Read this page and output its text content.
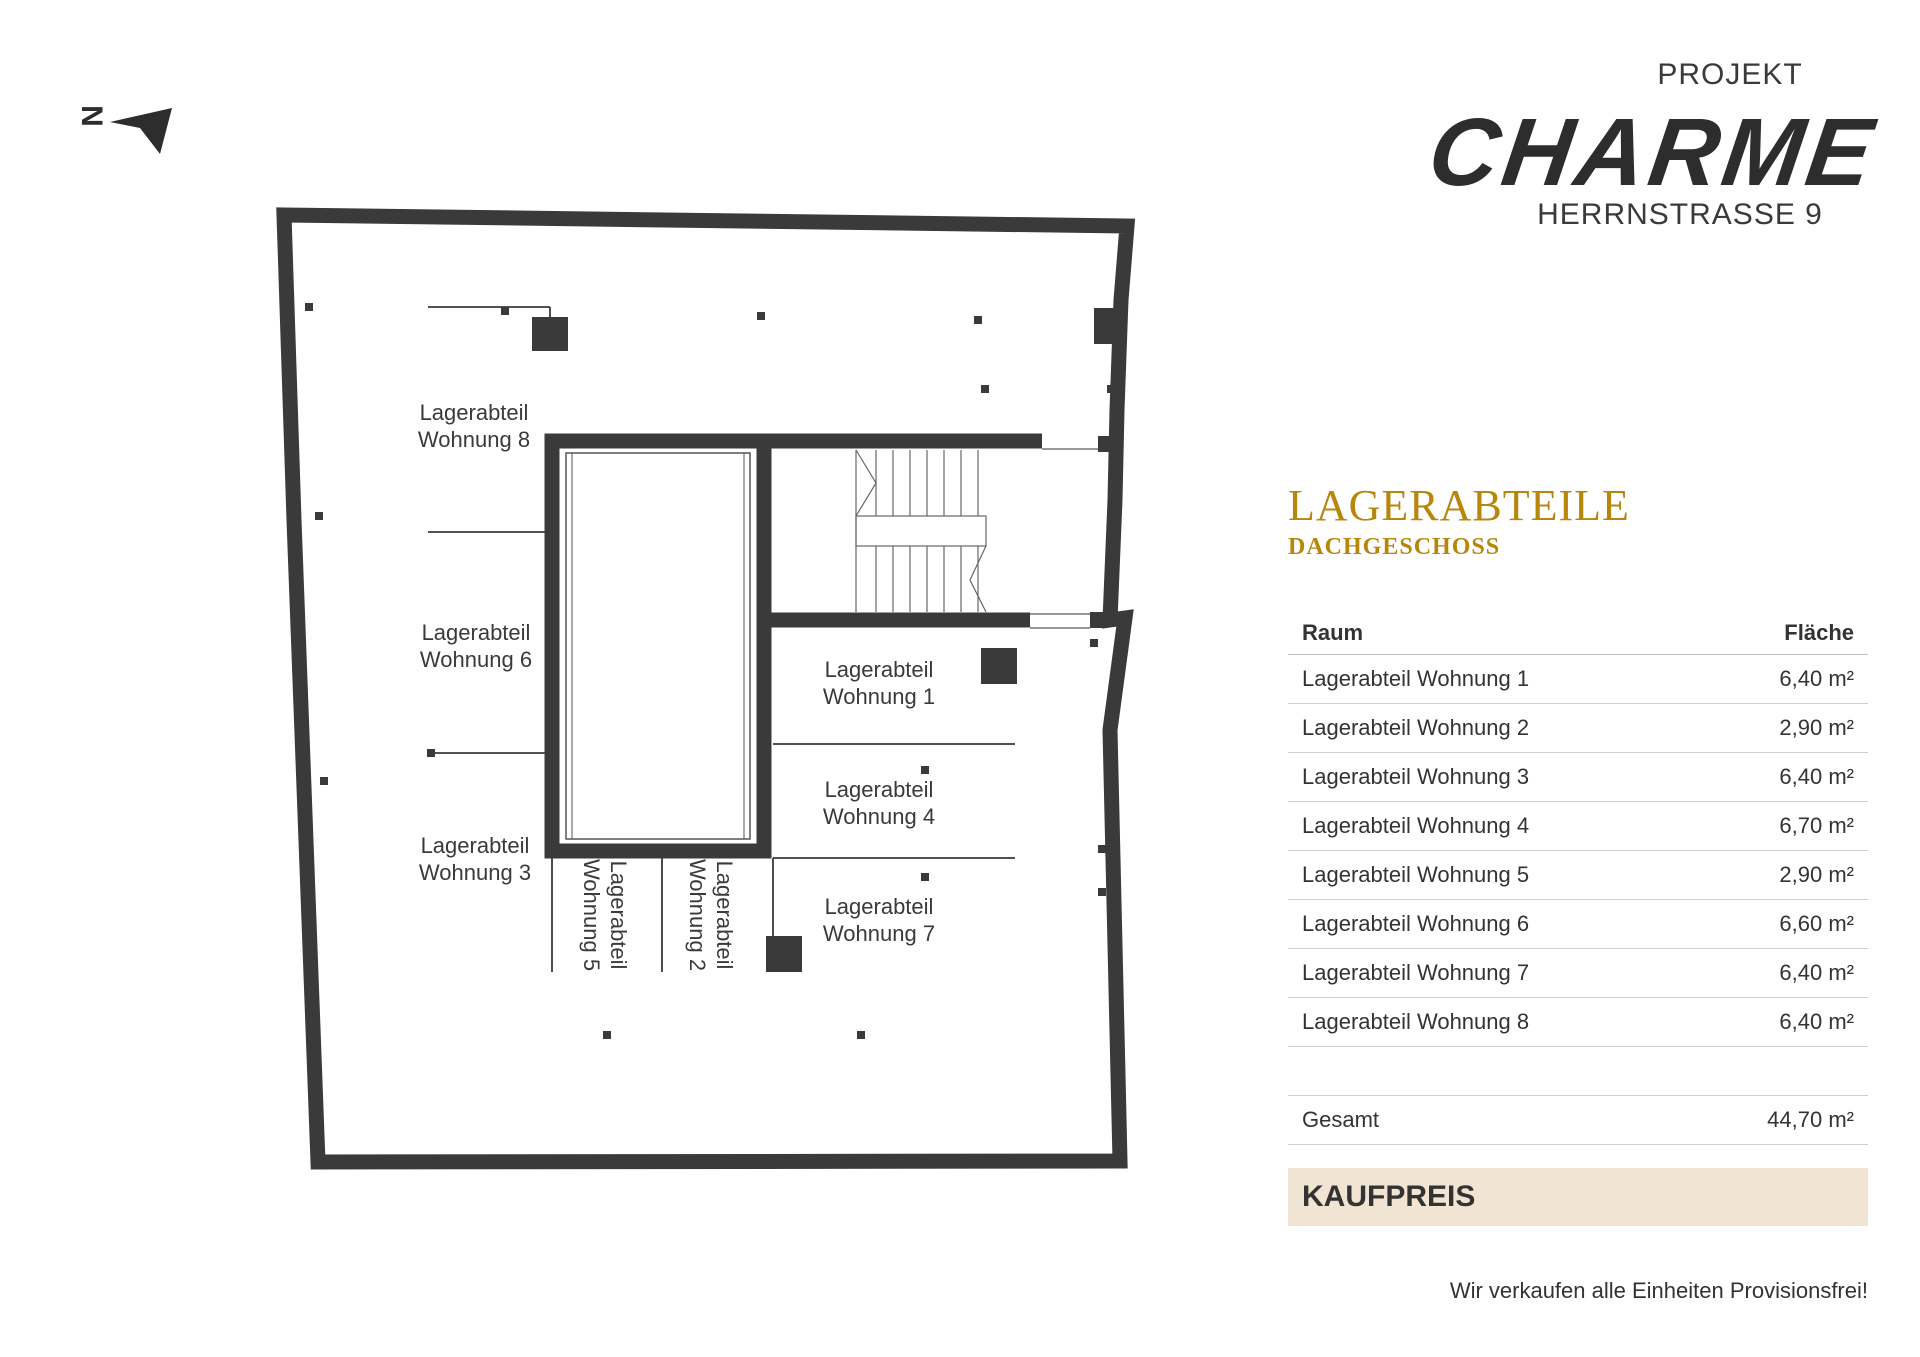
N
Lagerabteil
Wohnung 8
Lagerabteil
Wohnung 6
Lagerabteil
Wohnung 3
Lagerabteil
Wohnung 1
Lagerabteil
Wohnung 4
Lagerabteil
Wohnung 7
Lagerabteil
Wohnung 5	Lagerabteil
Wohnung 2
PROJEKT
CHARME
HERRNSTRASSE 9
LAGERABTEILE
DACHGESCHOSS
Raum	Fläche
Lagerabteil Wohnung 1	6,40 m²
Lagerabteil Wohnung 2	2,90 m²
Lagerabteil Wohnung 3	6,40 m²
Lagerabteil Wohnung 4	6,70 m²
Lagerabteil Wohnung 5	2,90 m²
Lagerabteil Wohnung 6	6,60 m²
Lagerabteil Wohnung 7	6,40 m²
Lagerabteil Wohnung 8	6,40 m²
Gesamt	44,70 m²
KAUFPREIS
Wir verkaufen alle Einheiten Provisionsfrei!
